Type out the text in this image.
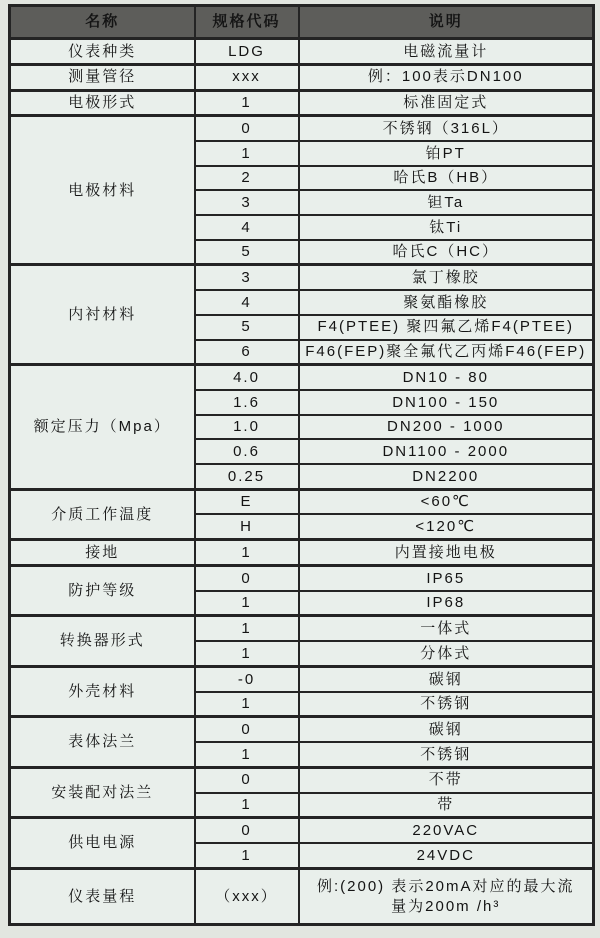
名称	规格代码	说明
仪表种类	LDG	电磁流量计
测量管径	xxx	例：100表示DN100
电极形式	1	标准固定式
电极材料	0	不锈钢（316L）
	1	铂PT
	2	哈氏B（HB）
	3	钽Ta
	4	钛Ti
	5	哈氏C（HC）
内衬材料	3	氯丁橡胶
	4	聚氨酯橡胶
	5	F4(PTEE) 聚四氟乙烯F4(PTEE)
	6	F46(FEP)聚全氟代乙丙烯F46(FEP)
额定压力（Mpa）	4.0	DN10 - 80
	1.6	DN100 - 150
	1.0	DN200 - 1000
	0.6	DN1100 - 2000
	0.25	DN2200
介质工作温度	E	<60℃
	H	<120℃
接地	1	内置接地电极
防护等级	0	IP65
	1	IP68
转换器形式	1	一体式
	1	分体式
外壳材料	-0	碳钢
	1	不锈钢
表体法兰	0	碳钢
	1	不锈钢
安装配对法兰	0	不带
	1	带
供电电源	0	220VAC
	1	24VDC
仪表量程	（xxx）	例:(200) 表示20mA对应的最大流量为200m /h³
